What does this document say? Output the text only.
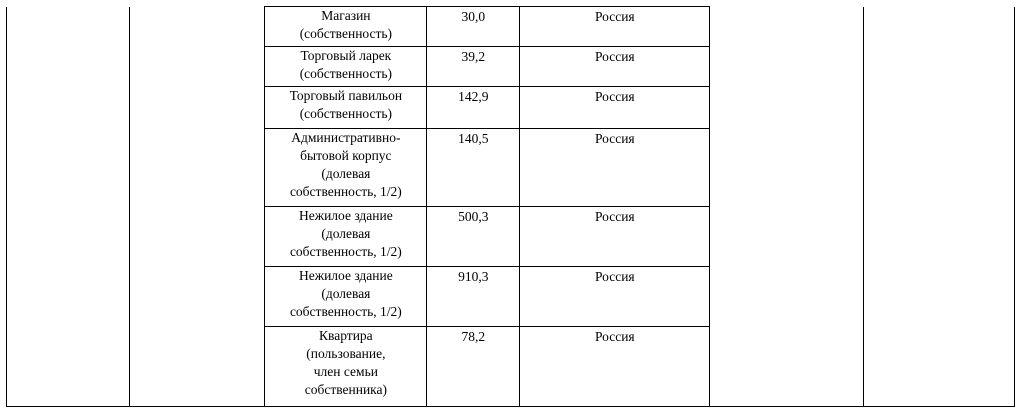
		Магазин
(собственность)	30,0	Россия		

		Торговый ларек
(собственность)	39,2	Россия		

		Торговый павильон
(собственность)	142,9	Россия		

		Административно-
бытовой корпус
(долевая
собственность, 1/2)	140,5	Россия		

		Нежилое здание
(долевая
собственность, 1/2)	500,3	Россия		

		Нежилое здание
(долевая
собственность, 1/2)	910,3	Россия		

		Квартира
(пользование,
член семьи
собственника)	78,2	Россия		
